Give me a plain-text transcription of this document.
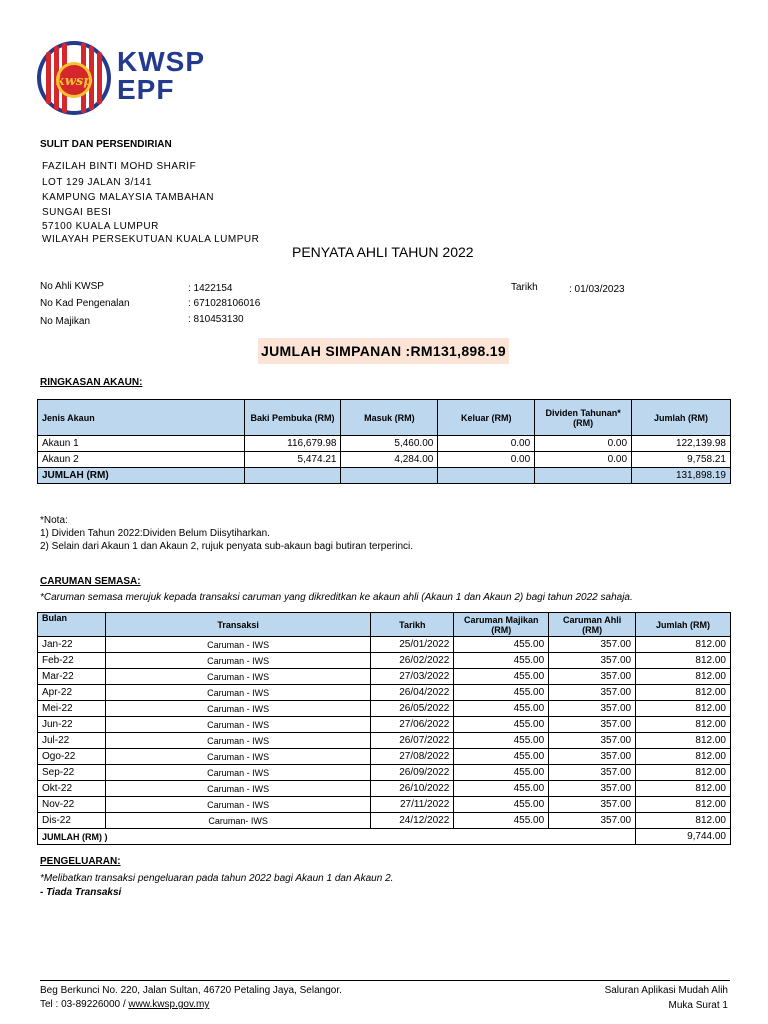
kwsp
KWSP
EPF
SULIT DAN PERSENDIRIAN
FAZILAH BINTI MOHD SHARIF
LOT 129 JALAN 3/141
KAMPUNG MALAYSIA TAMBAHAN
SUNGAI BESI
57100 KUALA LUMPUR
WILAYAH PERSEKUTUAN KUALA LUMPUR
PENYATA AHLI TAHUN 2022
No Ahli KWSP	: 1422154
No Kad Pengenalan	: 671028106016
No Majikan	: 810453130
Tarikh	: 01/03/2023
JUMLAH SIMPANAN :RM131,898.19
RINGKASAN AKAUN:
Jenis Akaun	Baki Pembuka (RM)	Masuk (RM)	Keluar (RM)	Dividen Tahunan* (RM)	Jumlah (RM)
Akaun 1	116,679.98	5,460.00	0.00	0.00	122,139.98
Akaun 2	5,474.21	4,284.00	0.00	0.00	9,758.21
JUMLAH (RM)					131,898.19
*Nota:
1) Dividen Tahun 2022:Dividen Belum Diisytiharkan.
2) Selain dari Akaun 1 dan Akaun 2, rujuk penyata sub-akaun bagi butiran terperinci.
CARUMAN SEMASA:
*Caruman semasa merujuk kepada transaksi caruman yang dikreditkan ke akaun ahli (Akaun 1 dan Akaun 2) bagi tahun 2022 sahaja.
Bulan	Transaksi	Tarikh	Caruman Majikan (RM)	Caruman Ahli (RM)	Jumlah (RM)
Jan-22	Caruman - IWS	25/01/2022	455.00	357.00	812.00
Feb-22	Caruman - IWS	26/02/2022	455.00	357.00	812.00
Mar-22	Caruman - IWS	27/03/2022	455.00	357.00	812.00
Apr-22	Caruman - IWS	26/04/2022	455.00	357.00	812.00
Mei-22	Caruman - IWS	26/05/2022	455.00	357.00	812.00
Jun-22	Caruman - IWS	27/06/2022	455.00	357.00	812.00
Jul-22	Caruman - IWS	26/07/2022	455.00	357.00	812.00
Ogo-22	Caruman - IWS	27/08/2022	455.00	357.00	812.00
Sep-22	Caruman - IWS	26/09/2022	455.00	357.00	812.00
Okt-22	Caruman - IWS	26/10/2022	455.00	357.00	812.00
Nov-22	Caruman - IWS	27/11/2022	455.00	357.00	812.00
Dis-22	Caruman- IWS	24/12/2022	455.00	357.00	812.00
JUMLAH (RM) )					9,744.00
PENGELUARAN:
*Melibatkan transaksi pengeluaran pada tahun 2022 bagi Akaun 1 dan Akaun 2.
- Tiada Transaksi
Beg Berkunci No. 220, Jalan Sultan, 46720 Petaling Jaya, Selangor.
Tel : 03-89226000 / www.kwsp.gov.my
Saluran Aplikasi Mudah Alih
Muka Surat 1
